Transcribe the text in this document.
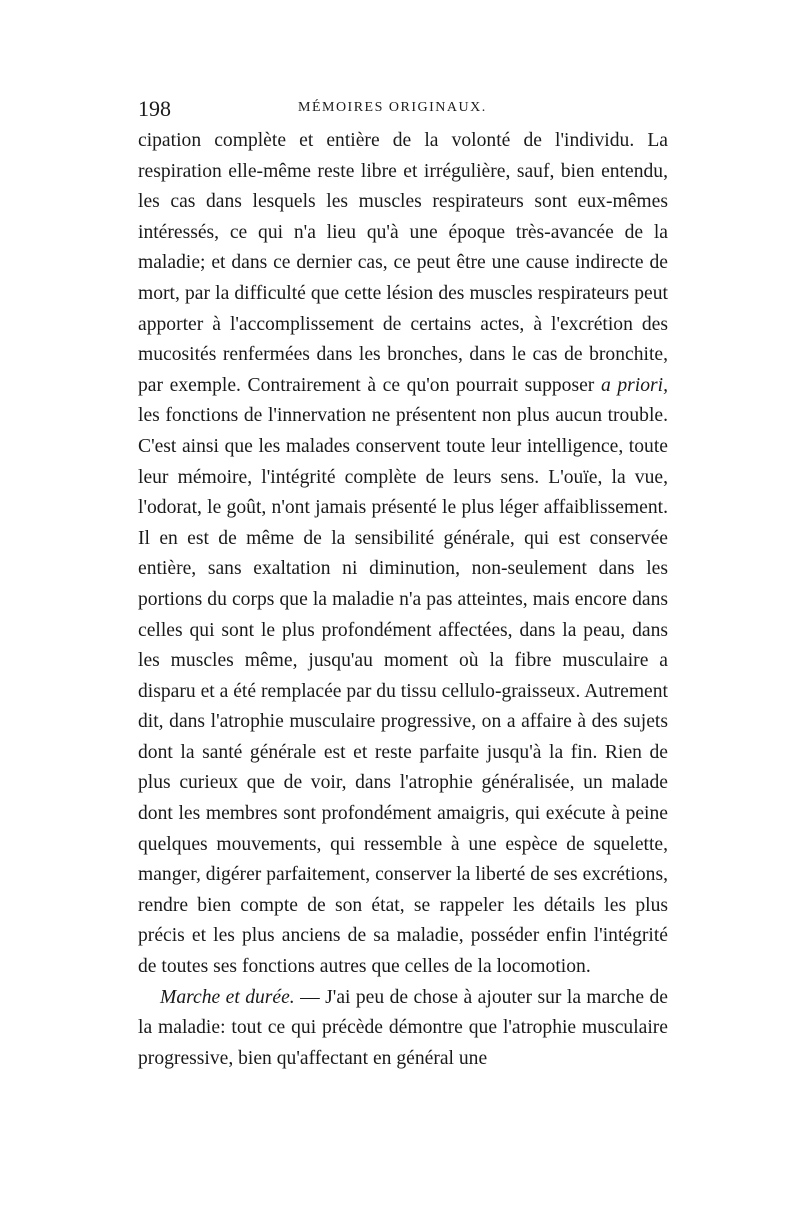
198	MÉMOIRES ORIGINAUX.

cipation complète et entière de la volonté de l'individu. La respiration elle-même reste libre et irrégulière, sauf, bien entendu, les cas dans lesquels les muscles respirateurs sont eux-mêmes intéressés, ce qui n'a lieu qu'à une époque très-avancée de la maladie; et dans ce dernier cas, ce peut être une cause indirecte de mort, par la difficulté que cette lésion des muscles respirateurs peut apporter à l'accomplissement de certains actes, à l'excrétion des mucosités renfermées dans les bronches, dans le cas de bronchite, par exemple. Contrairement à ce qu'on pourrait supposer a priori, les fonctions de l'innervation ne présentent non plus aucun trouble. C'est ainsi que les malades conservent toute leur intelligence, toute leur mémoire, l'intégrité complète de leurs sens. L'ouïe, la vue, l'odorat, le goût, n'ont jamais présenté le plus léger affaiblissement. Il en est de même de la sensibilité générale, qui est conservée entière, sans exaltation ni diminution, non-seulement dans les portions du corps que la maladie n'a pas atteintes, mais encore dans celles qui sont le plus profondément affectées, dans la peau, dans les muscles même, jusqu'au moment où la fibre musculaire a disparu et a été remplacée par du tissu cellulo-graisseux. Autrement dit, dans l'atrophie musculaire progressive, on a affaire à des sujets dont la santé générale est et reste parfaite jusqu'à la fin. Rien de plus curieux que de voir, dans l'atrophie généralisée, un malade dont les membres sont profondément amaigris, qui exécute à peine quelques mouvements, qui ressemble à une espèce de squelette, manger, digérer parfaitement, conserver la liberté de ses excrétions, rendre bien compte de son état, se rappeler les détails les plus précis et les plus anciens de sa maladie, posséder enfin l'intégrité de toutes ses fonctions autres que celles de la locomotion.

Marche et durée. — J'ai peu de chose à ajouter sur la marche de la maladie: tout ce qui précède démontre que l'atrophie musculaire progressive, bien qu'affectant en général une
